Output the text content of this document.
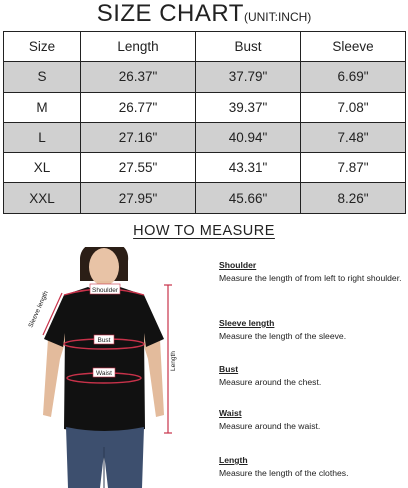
SIZE CHART(UNIT:INCH)
Size	Length	Bust	Sleeve
S	26.37"	37.79"	6.69"
M	26.77"	39.37"	7.08"
L	27.16"	40.94"	7.48"
XL	27.55"	43.31"	7.87"
XXL	27.95"	45.66"	8.26"
HOW TO MEASURE
Shoulder
Bust
Waist
Sleeve length
Length
Shoulder
Measure the length of from left to right shoulder.
Sleeve length
Measure the length of the sleeve.
Bust
Measure around the chest.
Waist
Measure around the waist.
Length
Measure the length of the clothes.
